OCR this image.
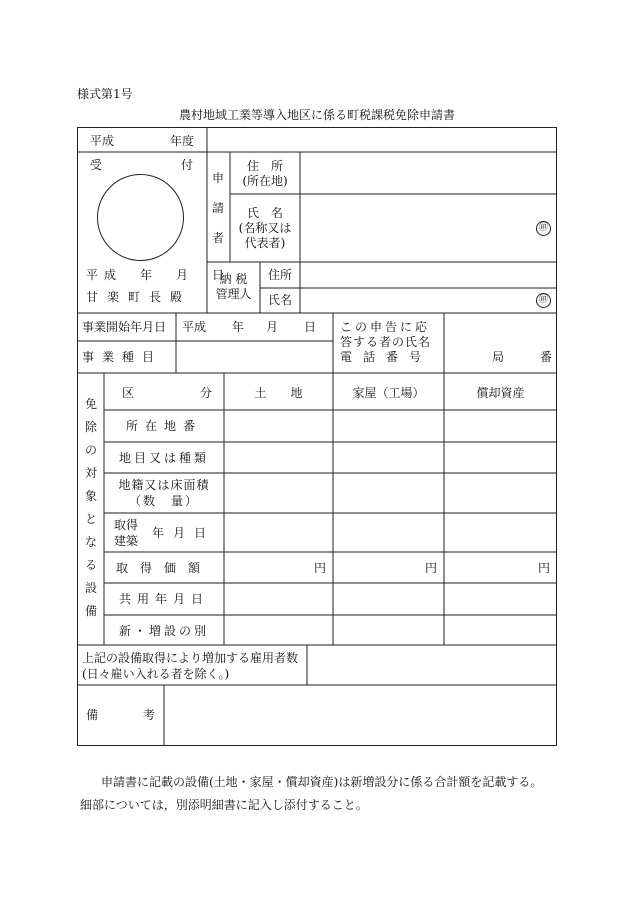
様式第1号
農村地域工業等導入地区に係る町税課税免除申請書
平成	年度
受	付
平成　年　月　日
甘楽町長殿
申請者
住　所
(所在地)
氏　名
(名称又は
代表者)
㊞
納 税
管理人
住所
氏名	㊞
事業開始年月日 平成 年 月 日
事業種目
この申告に応
答する者の氏名
電話番号	局	番
免除の対象となる設備
区	分	土　　地	家屋（工場）	償却資産
所在地番
地目又は種類
地籍又は床面積
（数　量）
取得
建築
年月日
取得価額	円	円	円
共用年月日
新・増設の別
上記の設備取得により増加する雇用者数
(日々雇い入れる者を除く。)
備	考
申請書に記載の設備(土地・家屋・償却資産)は新増設分に係る合計額を記載する。細部については，別添明細書に記入し添付すること。
